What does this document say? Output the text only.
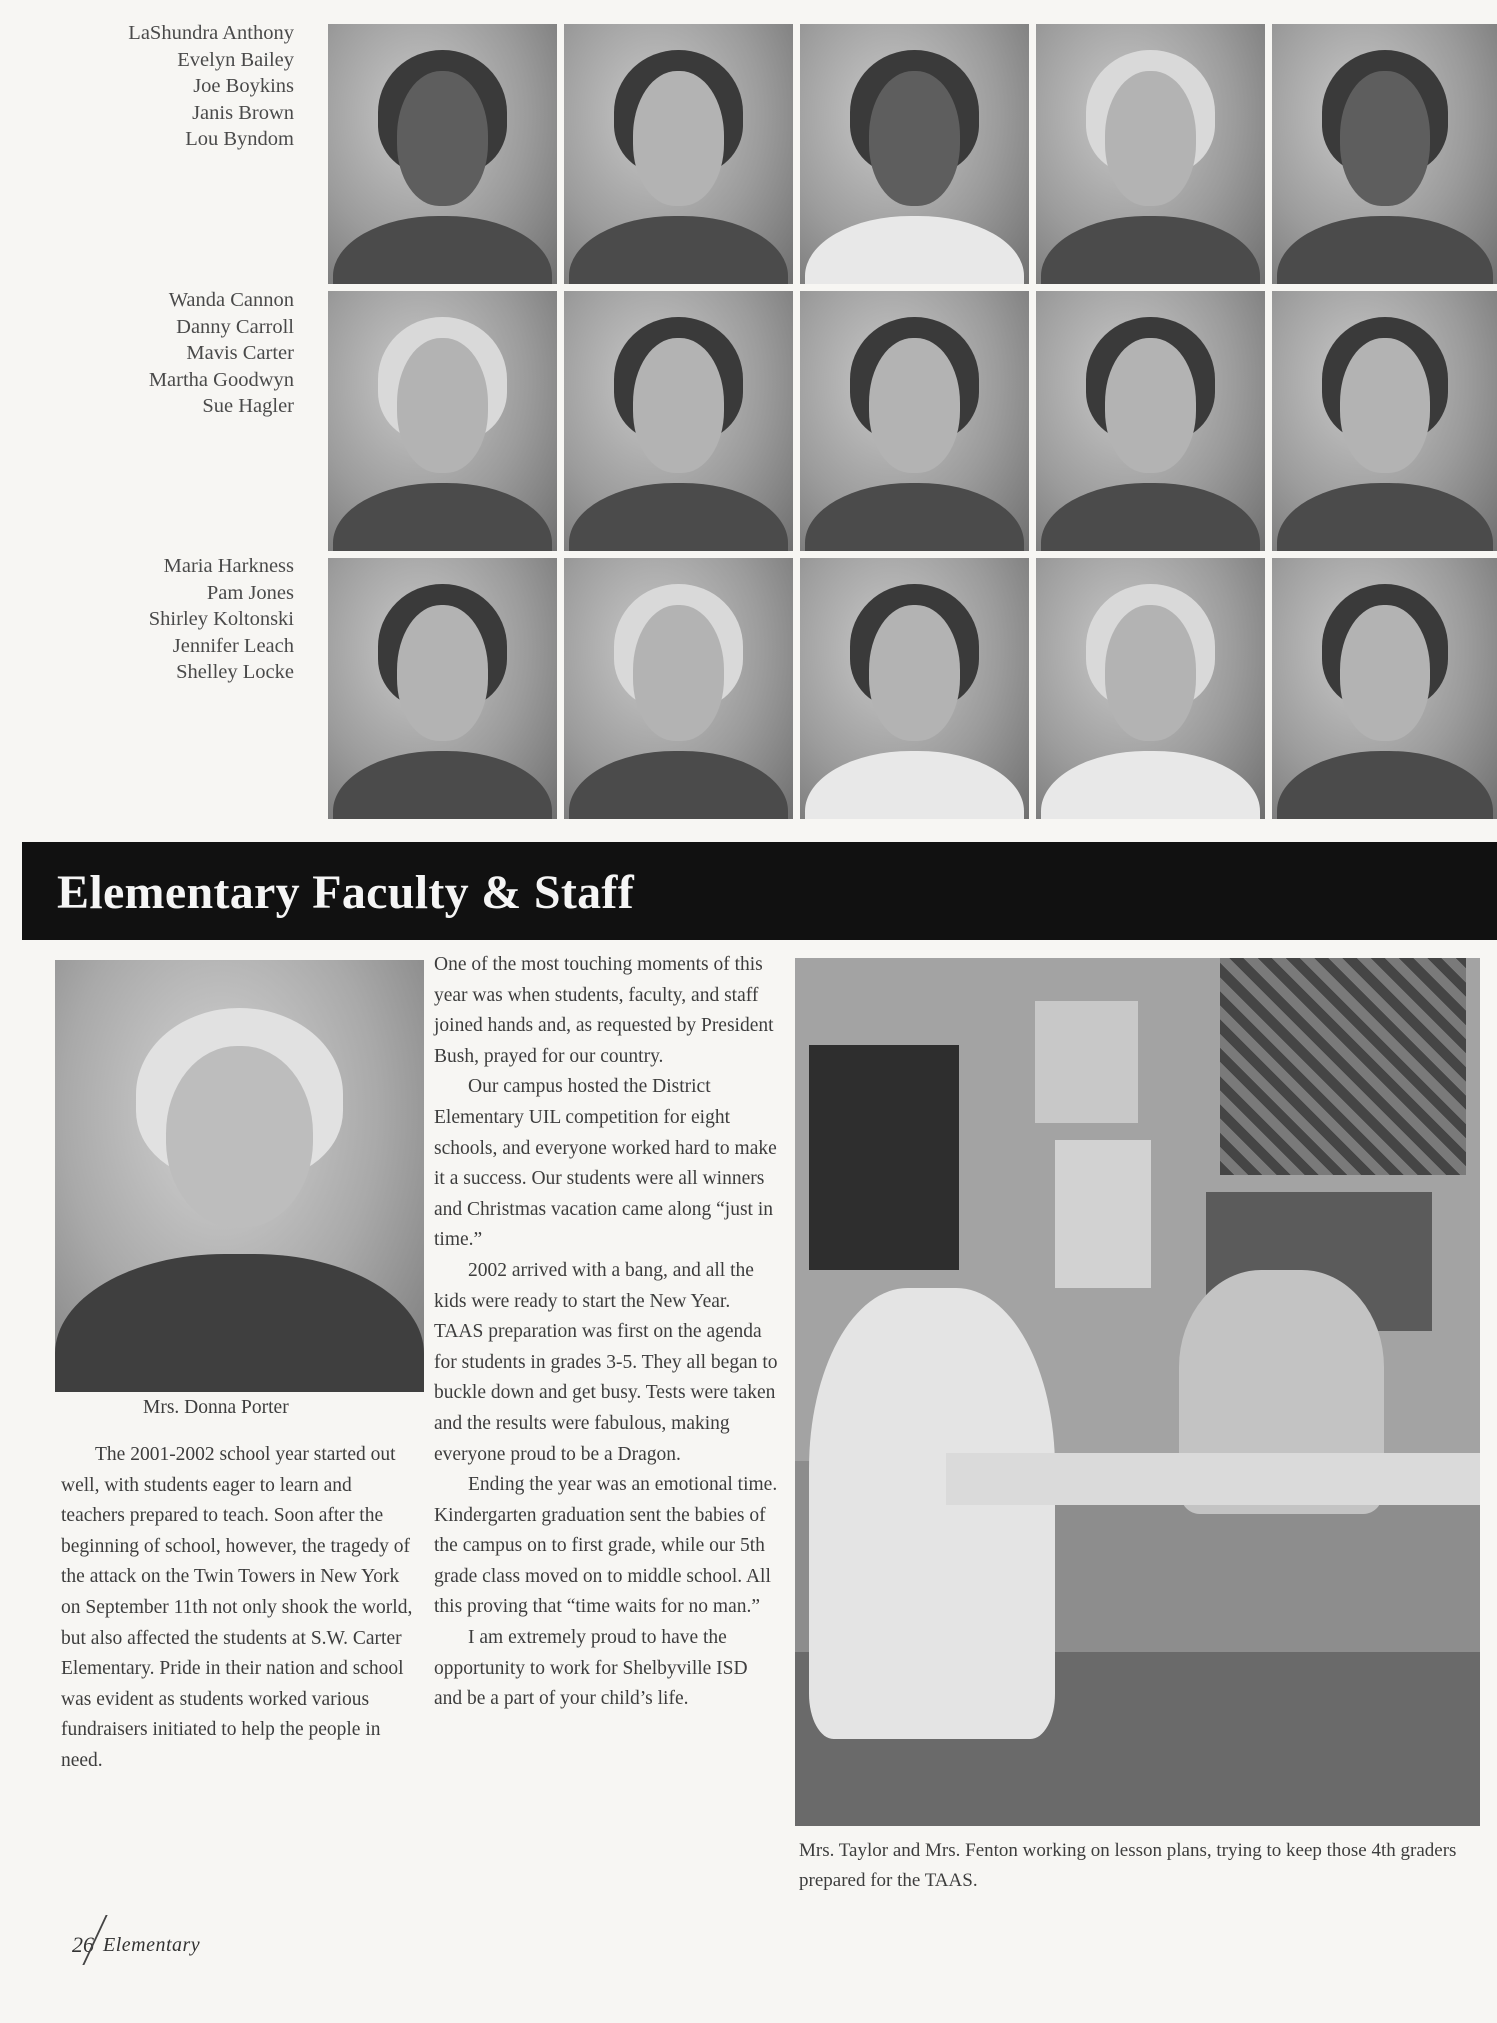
LaShundra Anthony
Evelyn Bailey
Joe Boykins
Janis Brown
Lou Byndom
Wanda Cannon
Danny Carroll
Mavis Carter
Martha Goodwyn
Sue Hagler
Maria Harkness
Pam Jones
Shirley Koltonski
Jennifer Leach
Shelley Locke
Elementary Faculty & Staff
Mrs. Donna Porter

The 2001-2002 school year started out well, with students eager to learn and teachers prepared to teach. Soon after the beginning of school, however, the tragedy of the attack on the Twin Towers in New York on September 11th not only shook the world, but also affected the students at S.W. Carter Elementary. Pride in their nation and school was evident as students worked various fundraisers initiated to help the people in need.

One of the most touching moments of this year was when students, faculty, and staff joined hands and, as requested by President Bush, prayed for our country.

Our campus hosted the District Elementary UIL competition for eight schools, and everyone worked hard to make it a success. Our students were all winners and Christmas vacation came along “just in time.”

2002 arrived with a bang, and all the kids were ready to start the New Year. TAAS preparation was first on the agenda for students in grades 3-5. They all began to buckle down and get busy. Tests were taken and the results were fabulous, making everyone proud to be a Dragon.

Ending the year was an emotional time. Kindergarten graduation sent the babies of the campus on to first grade, while our 5th grade class moved on to middle school. All this proving that “time waits for no man.”

I am extremely proud to have the opportunity to work for Shelbyville ISD and be a part of your child’s life.

Mrs. Taylor and Mrs. Fenton working on lesson plans, trying to keep those 4th graders prepared for the TAAS.
26 Elementary
